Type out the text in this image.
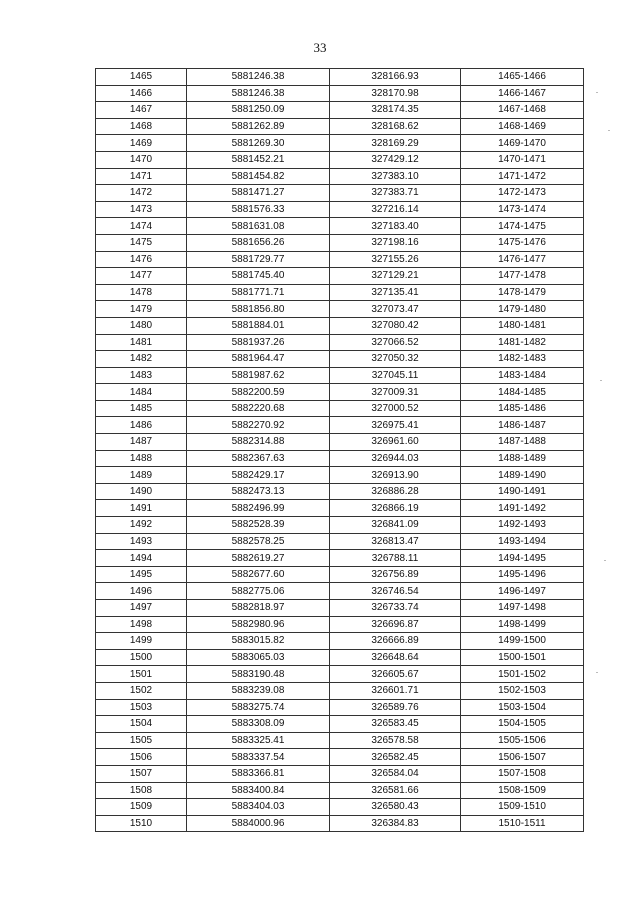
33
1465	5881246.38	328166.93	1465-1466
1466	5881246.38	328170.98	1466-1467
1467	5881250.09	328174.35	1467-1468
1468	5881262.89	328168.62	1468-1469
1469	5881269.30	328169.29	1469-1470
1470	5881452.21	327429.12	1470-1471
1471	5881454.82	327383.10	1471-1472
1472	5881471.27	327383.71	1472-1473
1473	5881576.33	327216.14	1473-1474
1474	5881631.08	327183.40	1474-1475
1475	5881656.26	327198.16	1475-1476
1476	5881729.77	327155.26	1476-1477
1477	5881745.40	327129.21	1477-1478
1478	5881771.71	327135.41	1478-1479
1479	5881856.80	327073.47	1479-1480
1480	5881884.01	327080.42	1480-1481
1481	5881937.26	327066.52	1481-1482
1482	5881964.47	327050.32	1482-1483
1483	5881987.62	327045.11	1483-1484
1484	5882200.59	327009.31	1484-1485
1485	5882220.68	327000.52	1485-1486
1486	5882270.92	326975.41	1486-1487
1487	5882314.88	326961.60	1487-1488
1488	5882367.63	326944.03	1488-1489
1489	5882429.17	326913.90	1489-1490
1490	5882473.13	326886.28	1490-1491
1491	5882496.99	326866.19	1491-1492
1492	5882528.39	326841.09	1492-1493
1493	5882578.25	326813.47	1493-1494
1494	5882619.27	326788.11	1494-1495
1495	5882677.60	326756.89	1495-1496
1496	5882775.06	326746.54	1496-1497
1497	5882818.97	326733.74	1497-1498
1498	5882980.96	326696.87	1498-1499
1499	5883015.82	326666.89	1499-1500
1500	5883065.03	326648.64	1500-1501
1501	5883190.48	326605.67	1501-1502
1502	5883239.08	326601.71	1502-1503
1503	5883275.74	326589.76	1503-1504
1504	5883308.09	326583.45	1504-1505
1505	5883325.41	326578.58	1505-1506
1506	5883337.54	326582.45	1506-1507
1507	5883366.81	326584.04	1507-1508
1508	5883400.84	326581.66	1508-1509
1509	5883404.03	326580.43	1509-1510
1510	5884000.96	326384.83	1510-1511
